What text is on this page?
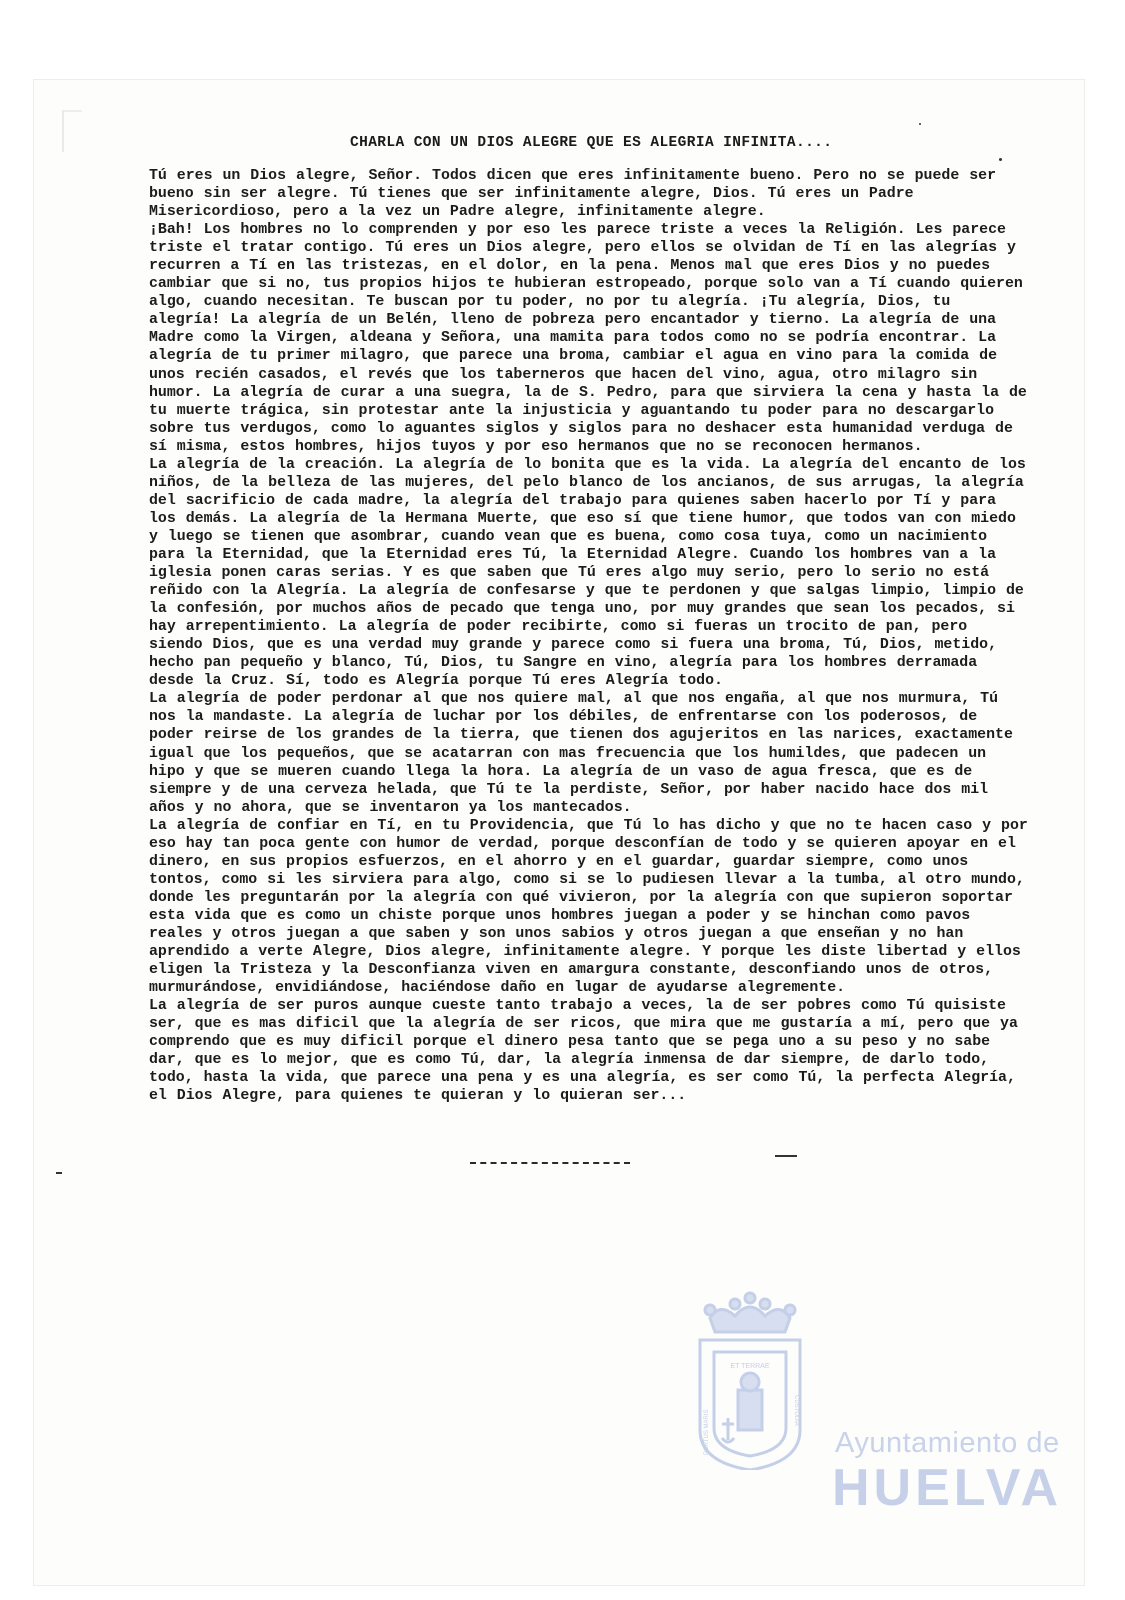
CHARLA CON UN DIOS ALEGRE QUE ES ALEGRIA INFINITA....

Tú eres un Dios alegre, Señor. Todos dicen que eres infinitamente bueno. Pero no se puede ser bueno sin ser alegre. Tú tienes que ser infinitamente alegre, Dios. Tú eres un Padre Misericordioso, pero a la vez un Padre alegre, infinitamente alegre.

¡Bah! Los hombres no lo comprenden y por eso les parece triste a veces la Religión. Les parece triste el tratar contigo. Tú eres un Dios alegre, pero ellos se olvidan de Tí en las alegrías y recurren a Tí en las tristezas, en el dolor, en la pena. Menos mal que eres Dios y no puedes cambiar que si no, tus propios hijos te hubieran estropeado, porque solo van a Tí cuando quieren algo, cuando necesitan. Te buscan por tu poder, no por tu alegría. ¡Tu alegría, Dios, tu alegría! La alegría de un Belén, lleno de pobreza pero encantador y tierno. La alegría de una Madre como la Virgen, aldeana y Señora, una mamita para todos como no se podría encontrar. La alegría de tu primer milagro, que parece una broma, cambiar el agua en vino para la comida de unos recién casados, el revés que los taberneros que hacen del vino, agua, otro milagro sin humor. La alegría de curar a una suegra, la de S. Pedro, para que sirviera la cena y hasta la de tu muerte trágica, sin protestar ante la injusticia y aguantando tu poder para no descargarlo sobre tus verdugos, como lo aguantes siglos y siglos para no deshacer esta humanidad verduga de sí misma, estos hombres, hijos tuyos y por eso hermanos que no se reconocen hermanos.

La alegría de la creación. La alegría de lo bonita que es la vida. La alegría del encanto de los niños, de la belleza de las mujeres, del pelo blanco de los ancianos, de sus arrugas, la alegría del sacrificio de cada madre, la alegría del trabajo para quienes saben hacerlo por Tí y para los demás. La alegría de la Hermana Muerte, que eso sí que tiene humor, que todos van con miedo y luego se tienen que asombrar, cuando vean que es buena, como cosa tuya, como un nacimiento para la Eternidad, que la Eternidad eres Tú, la Eternidad Alegre. Cuando los hombres van a la iglesia ponen caras serias. Y es que saben que Tú eres algo muy serio, pero lo serio no está reñido con la Alegría. La alegría de confesarse y que te perdonen y que salgas limpio, limpio de la confesión, por muchos años de pecado que tenga uno, por muy grandes que sean los pecados, si hay arrepentimiento. La alegría de poder recibirte, como si fueras un trocito de pan, pero siendo Dios, que es una verdad muy grande y parece como si fuera una broma, Tú, Dios, metido, hecho pan pequeño y blanco, Tú, Dios, tu Sangre en vino, alegría para los hombres derramada desde la Cruz. Sí, todo es Alegría porque Tú eres Alegría todo.

La alegría de poder perdonar al que nos quiere mal, al que nos engaña, al que nos murmura, Tú nos la mandaste. La alegría de luchar por los débiles, de enfrentarse con los poderosos, de poder reirse de los grandes de la tierra, que tienen dos agujeritos en las narices, exactamente igual que los pequeños, que se acatarran con mas frecuencia que los humildes, que padecen un hipo y que se mueren cuando llega la hora. La alegría de un vaso de agua fresca, que es de siempre y de una cerveza helada, que Tú te la perdiste, Señor, por haber nacido hace dos mil años y no ahora, que se inventaron ya los mantecados.

La alegría de confiar en Tí, en tu Providencia, que Tú lo has dicho y que no te hacen caso y por eso hay tan poca gente con humor de verdad, porque desconfían de todo y se quieren apoyar en el dinero, en sus propios esfuerzos, en el ahorro y en el guardar, guardar siempre, como unos tontos, como si les sirviera para algo, como si se lo pudiesen llevar a la tumba, al otro mundo, donde les preguntarán por la alegría con qué vivieron, por la alegría con que supieron soportar esta vida que es como un chiste porque unos hombres juegan a poder y se hinchan como pavos reales y otros juegan a que saben y son unos sabios y otros juegan a que enseñan y no han aprendido a verte Alegre, Dios alegre, infinitamente alegre. Y porque les diste libertad y ellos eligen la Tristeza y la Desconfianza viven en amargura constante, desconfiando unos de otros, murmurándose, envidiándose, haciéndose daño en lugar de ayudarse alegremente.

La alegría de ser puros aunque cueste tanto trabajo a veces, la de ser pobres como Tú quisiste ser, que es mas dificil que la alegría de ser ricos, que mira que me gustaría a mí, pero que ya comprendo que es muy dificil porque el dinero pesa tanto que se pega uno a su peso y no sabe dar, que es lo mejor, que es como Tú, dar, la alegría inmensa de dar siempre, de darlo todo, todo, hasta la vida, que parece una pena y es una alegría, es ser como Tú, la perfecta Alegría, el Dios Alegre, para quienes te quieran y lo quieran ser...

ET TERRAE
PORTUS MARIS	CUSTODIA
Ayuntamiento de
HUELVA
